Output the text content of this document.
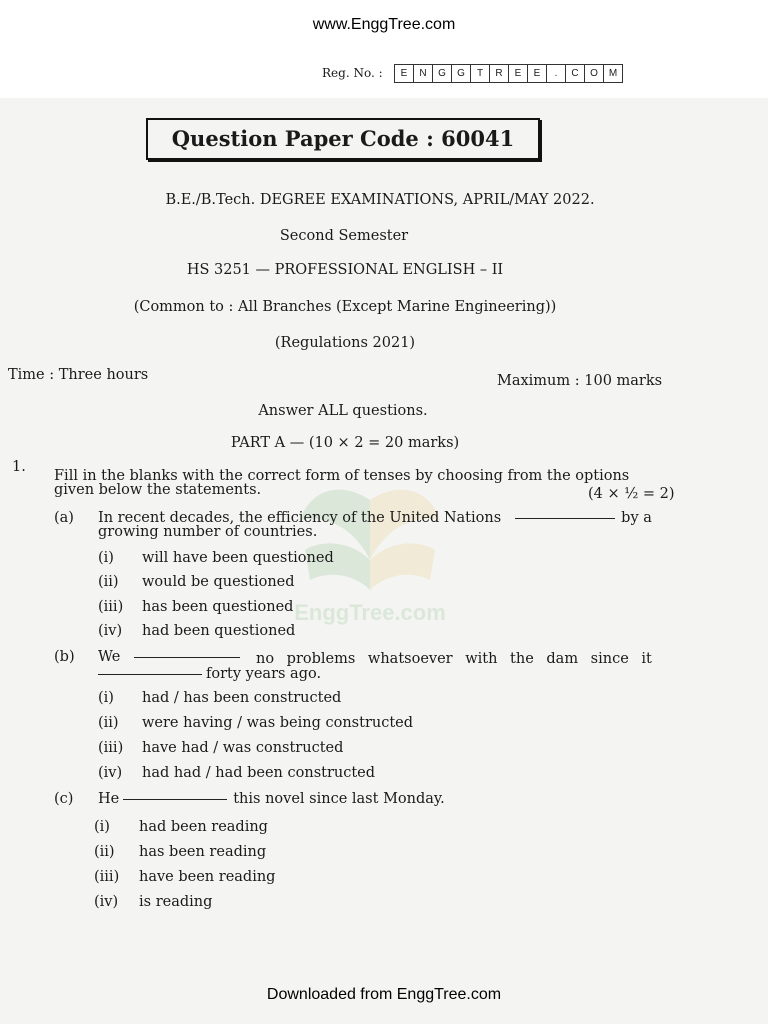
EnggTree.com
www.EnggTree.com
Reg. No. :	E	N	G	G	T	R	E	E	.	C	O	M
Question Paper Code : 60041
B.E./B.Tech. DEGREE EXAMINATIONS, APRIL/MAY 2022.
Second Semester
HS 3251 — PROFESSIONAL ENGLISH – II
(Common to : All Branches (Except Marine Engineering))
(Regulations 2021)
Time : Three hours	Maximum : 100 marks
Answer ALL questions.
PART A — (10 × 2 = 20 marks)
1.
Fill in the blanks with the correct form of tenses by choosing from the options
given below the statements.	(4 × ½ = 2)
(a) In recent decades, the efficiency of the United Nations	by a
growing number of countries.
(i) will have been questioned
(ii) would be questioned
(iii) has been questioned
(iv) had been questioned
(b) We	no problems whatsoever with the dam since it
forty years ago.
(i) had / has been constructed
(ii) were having / was being constructed
(iii) have had / was constructed
(iv) had had / had been constructed
(c) He	this novel since last Monday.
(i) had been reading
(ii) has been reading
(iii) have been reading
(iv) is reading
Downloaded from EnggTree.com
